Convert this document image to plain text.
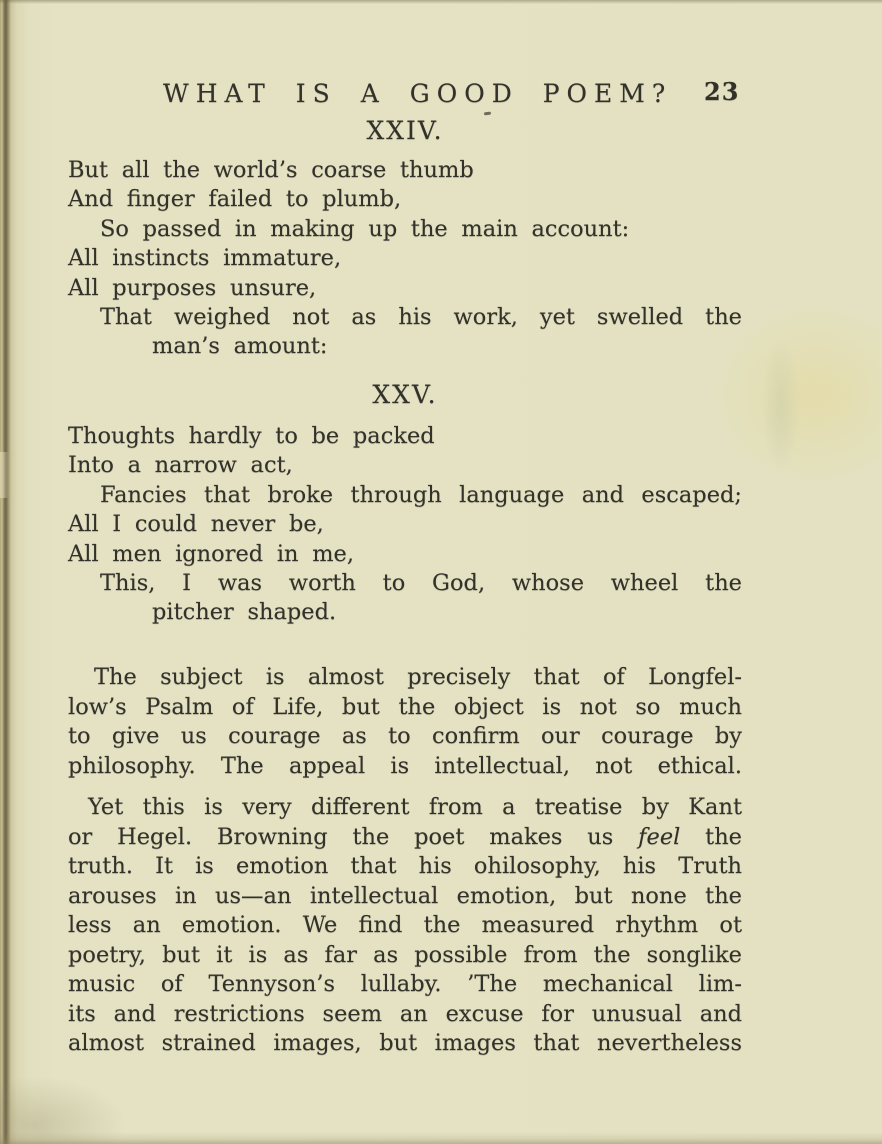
WHAT IS A GOOD POEM? 23
XXIV.
But all the world’s coarse thumb
And finger failed to plumb,
So passed in making up the main account:
All instincts immature,
All purposes unsure,
That weighed not as his work, yet swelled the
man’s amount:
XXV.
Thoughts hardly to be packed
Into a narrow act,
Fancies that broke through language and escaped;
All I could never be,
All men ignored in me,
This, I was worth to God, whose wheel the
pitcher shaped.
The subject is almost precisely that of Longfel-
low’s Psalm of Life, but the object is not so much
to give us courage as to confirm our courage by
philosophy. The appeal is intellectual, not ethical.
Yet this is very different from a treatise by Kant
or Hegel. Browning the poet makes us feel the
truth. It is emotion that his ohilosophy, his Truth
arouses in us—an intellectual emotion, but none the
less an emotion. We find the measured rhythm ot
poetry, but it is as far as possible from the songlike
music of Tennyson’s lullaby. ’The mechanical lim-
its and restrictions seem an excuse for unusual and
almost strained images, but images that nevertheless
